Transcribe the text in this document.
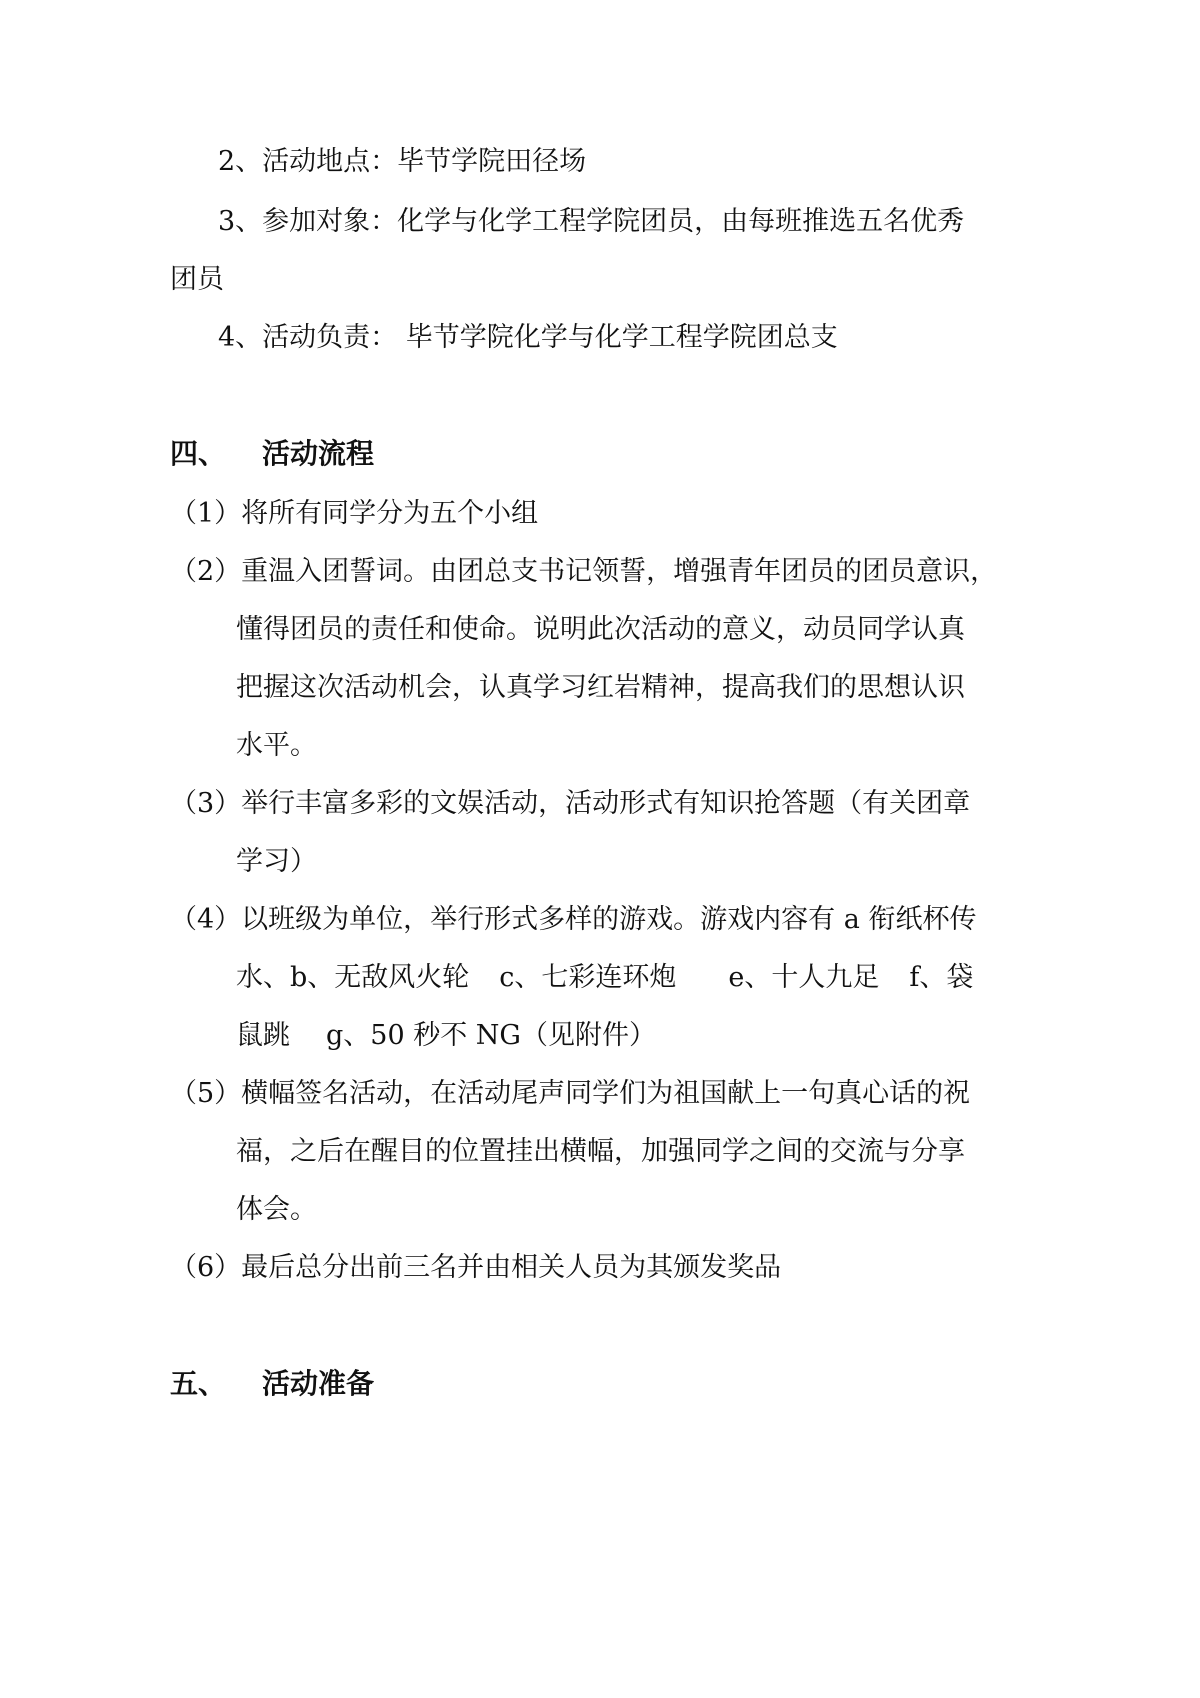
2、活动地点：毕节学院田径场
3、参加对象：化学与化学工程学院团员，由每班推选五名优秀
团员
4、活动负责： 毕节学院化学与化学工程学院团总支
四、 活动流程
（1）将所有同学分为五个小组
（2）重温入团誓词。由团总支书记领誓，增强青年团员的团员意识，
懂得团员的责任和使命。说明此次活动的意义，动员同学认真
把握这次活动机会，认真学习红岩精神，提高我们的思想认识
水平。
（3）举行丰富多彩的文娱活动，活动形式有知识抢答题（有关团章
学习）
（4）以班级为单位，举行形式多样的游戏。游戏内容有 a 衔纸杯传
水、b、无敌风火轮 c、七彩连环炮 e、十人九足 f、袋
鼠跳 g、50 秒不 NG（见附件）
（5）横幅签名活动，在活动尾声同学们为祖国献上一句真心话的祝
福，之后在醒目的位置挂出横幅，加强同学之间的交流与分享
体会。
（6）最后总分出前三名并由相关人员为其颁发奖品
五、 活动准备
